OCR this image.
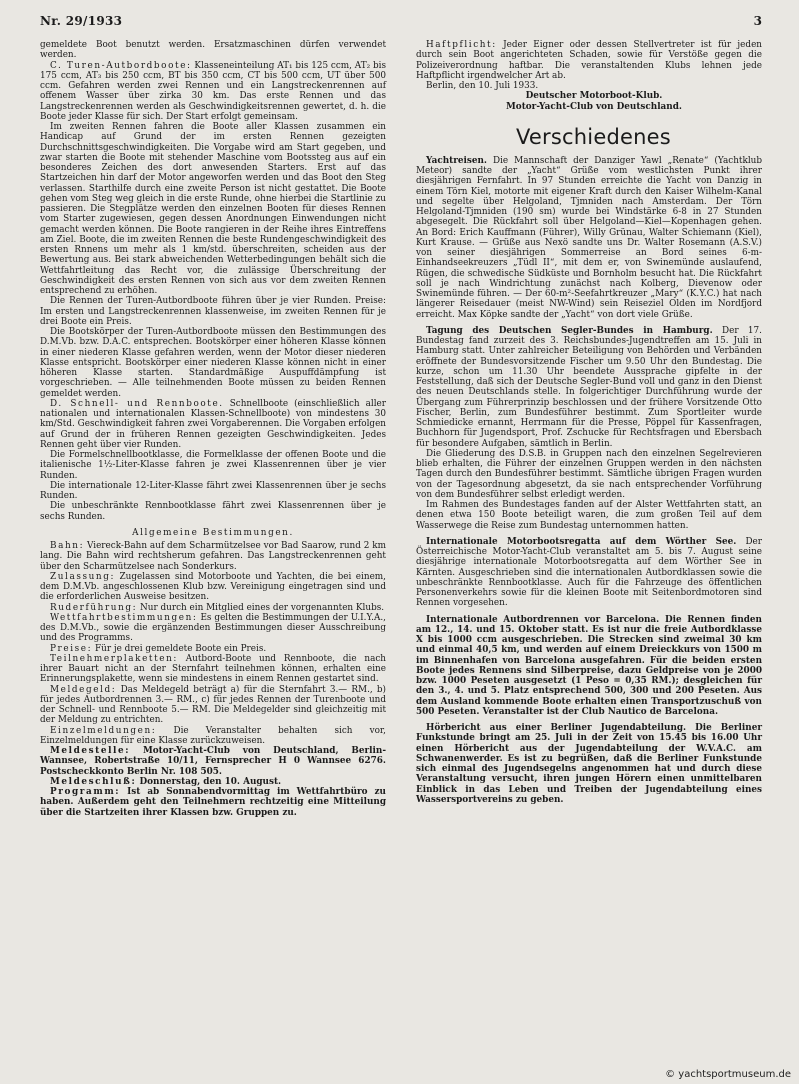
Nr. 29/1933	3

gemeldete Boot benutzt werden. Ersatzmaschinen dürfen verwendet werden.

C. Turen-Autbordboote: Klasseneinteilung AT₁ bis 125 ccm, AT₂ bis 175 ccm, AT₃ bis 250 ccm, BT bis 350 ccm, CT bis 500 ccm, UT über 500 ccm. Gefahren werden zwei Rennen und ein Langstreckenrennen auf offenem Wasser über zirka 30 km. Das erste Rennen und das Langstreckenrennen werden als Geschwindigkeitsrennen gewertet, d. h. die Boote jeder Klasse für sich. Der Start erfolgt gemeinsam.

Im zweiten Rennen fahren die Boote aller Klassen zusammen ein Handicap auf Grund der im ersten Rennen gezeigten Durchschnittsgeschwindigkeiten. Die Vorgabe wird am Start gegeben, und zwar starten die Boote mit stehender Maschine vom Bootssteg aus auf ein besonderes Zeichen des dort anwesenden Starters. Erst auf das Startzeichen hin darf der Motor angeworfen werden und das Boot den Steg verlassen. Starthilfe durch eine zweite Person ist nicht gestattet. Die Boote gehen vom Steg weg gleich in die erste Runde, ohne hierbei die Startlinie zu passieren. Die Stegplätze werden den einzelnen Booten für dieses Rennen vom Starter zugewiesen, gegen dessen Anordnungen Einwendungen nicht gemacht werden können. Die Boote rangieren in der Reihe ihres Eintreffens am Ziel. Boote, die im zweiten Rennen die beste Rundengeschwindigkeit des ersten Rnnens um mehr als 1 km/std. überschreiten, scheiden aus der Bewertung aus. Bei stark abweichenden Wetterbedingungen behält sich die Wettfahrtleitung das Recht vor, die zulässige Überschreitung der Geschwindigkeit des ersten Rennen von sich aus vor dem zweiten Rennen entsprechend zu erhöhen.

Die Rennen der Turen-Autbordboote führen über je vier Runden. Preise: Im ersten und Langstreckenrennen klassenweise, im zweiten Rennen für je drei Boote ein Preis.

Die Bootskörper der Turen-Autbordboote müssen den Bestimmungen des D.M.Vb. bzw. D.A.C. entsprechen. Bootskörper einer höheren Klasse können in einer niederen Klasse gefahren werden, wenn der Motor dieser niederen Klasse entspricht. Bootskörper einer niederen Klasse können nicht in einer höheren Klasse starten. Standardmäßige Auspuffdämpfung ist vorgeschrieben. — Alle teilnehmenden Boote müssen zu beiden Rennen gemeldet werden.

D. Schnell- und Rennboote. Schnellboote (einschließlich aller nationalen und internationalen Klassen-Schnellboote) von mindestens 30 km/Std. Geschwindigkeit fahren zwei Vorgaberennen. Die Vorgaben erfolgen auf Grund der in früheren Rennen gezeigten Geschwindigkeiten. Jedes Rennen geht über vier Runden.

Die Formelschnellbootklasse, die Formelklasse der offenen Boote und die italienische 1½-Liter-Klasse fahren je zwei Klassenrennen über je vier Runden.

Die internationale 12-Liter-Klasse fährt zwei Klassenrennen über je sechs Runden.

Die unbeschränkte Rennbootklasse fährt zwei Klassenrennen über je sechs Runden.

Allgemeine Bestimmungen.

Bahn: Viereck-Bahn auf dem Scharmützelsee vor Bad Saarow, rund 2 km lang. Die Bahn wird rechtsherum gefahren. Das Langstreckenrennen geht über den Scharmützelsee nach Sonderkurs.

Zulassung: Zugelassen sind Motorboote und Yachten, die bei einem, dem D.M.Vb. angeschlossenen Klub bzw. Vereinigung eingetragen sind und die erforderlichen Ausweise besitzen.

Ruderführung: Nur durch ein Mitglied eines der vorgenannten Klubs.

Wettfahrtbestimmungen: Es gelten die Bestimmungen der U.I.Y.A., des D.M.Vb., sowie die ergänzenden Bestimmungen dieser Ausschreibung und des Programms.

Preise: Für je drei gemeldete Boote ein Preis.

Teilnehmerplaketten: Autbord-Boote und Rennboote, die nach ihrer Bauart nicht an der Sternfahrt teilnehmen können, erhalten eine Erinnerungsplakette, wenn sie mindestens in einem Rennen gestartet sind.

Meldegeld: Das Meldegeld beträgt a) für die Sternfahrt 3.— RM., b) für jedes Autbordrennen 3.— RM., c) für jedes Rennen der Turenboote und der Schnell- und Rennboote 5.— RM. Die Meldegelder sind gleichzeitig mit der Meldung zu entrichten.

Einzelmeldungen: Die Veranstalter behalten sich vor, Einzelmeldungen für eine Klasse zurückzuweisen.

Meldestelle: Motor-Yacht-Club von Deutschland, Berlin-Wannsee, Robertstraße 10/11, Fernsprecher H 0 Wannsee 6276. Postscheckkonto Berlin Nr. 108 505.

Meldeschluß: Donnerstag, den 10. August.

Programm: Ist ab Sonnabendvormittag im Wettfahrtbüro zu haben. Außerdem geht den Teilnehmern rechtzeitig eine Mitteilung über die Startzeiten ihrer Klassen bzw. Gruppen zu.

Haftpflicht: Jeder Eigner oder dessen Stellvertreter ist für jeden durch sein Boot angerichteten Schaden, sowie für Verstöße gegen die Polizeiverordnung haftbar. Die veranstaltenden Klubs lehnen jede Haftpflicht irgendwelcher Art ab.

Berlin, den 10. Juli 1933.

Deutscher Motorboot-Klub.

Motor-Yacht-Club von Deutschland.

Verschiedenes

Yachtreisen. Die Mannschaft der Danziger Yawl „Renate“ (Yachtklub Meteor) sandte der „Yacht“ Grüße vom westlichsten Punkt ihrer diesjährigen Fernfahrt. In 97 Stunden erreichte die Yacht von Danzig in einem Törn Kiel, motorte mit eigener Kraft durch den Kaiser Wilhelm-Kanal und segelte über Helgoland, Tjmniden nach Amsterdam. Der Törn Helgoland-Tjmniden (190 sm) wurde bei Windstärke 6-8 in 27 Stunden abgesegelt. Die Rückfahrt soll über Helgoland—Kiel—Kopenhagen gehen. An Bord: Erich Kauffmann (Führer), Willy Grünau, Walter Schiemann (Kiel), Kurt Krause. — Grüße aus Nexö sandte uns Dr. Walter Rosemann (A.S.V.) von seiner diesjährigen Sommerreise an Bord seines 6-m-Einhandseekreuzers „Tüdl II“, mit dem er, von Swinemünde auslaufend, Rügen, die schwedische Südküste und Bornholm besucht hat. Die Rückfahrt soll je nach Windrichtung zunächst nach Kolberg, Dievenow oder Swinemünde führen. — Der 60-m²-Seefahrtkreuzer „Mary“ (K.Y.C.) hat nach längerer Reisedauer (meist NW-Wind) sein Reiseziel Olden im Nordfjord erreicht. Max Köpke sandte der „Yacht“ von dort viele Grüße.

Tagung des Deutschen Segler-Bundes in Hamburg. Der 17. Bundestag fand zurzeit des 3. Reichsbundes-Jugendtreffen am 15. Juli in Hamburg statt. Unter zahlreicher Beteiligung von Behörden und Verbänden eröffnete der Bundesvorsitzende Fischer um 9.50 Uhr den Bundestag. Die kurze, schon um 11.30 Uhr beendete Aussprache gipfelte in der Feststellung, daß sich der Deutsche Segler-Bund voll und ganz in den Dienst des neuen Deutschlands stelle. In folgerichtiger Durchführung wurde der Übergang zum Führerprinzip beschlossen und der frühere Vorsitzende Otto Fischer, Berlin, zum Bundesführer bestimmt. Zum Sportleiter wurde Schmiedicke ernannt, Herrmann für die Presse, Pöppel für Kassenfragen, Buchhorn für Jugendsport, Prof. Zschucke für Rechtsfragen und Ebersbach für besondere Aufgaben, sämtlich in Berlin.

Die Gliederung des D.S.B. in Gruppen nach den einzelnen Segelrevieren blieb erhalten, die Führer der einzelnen Gruppen werden in den nächsten Tagen durch den Bundesführer bestimmt. Sämtliche übrigen Fragen wurden von der Tagesordnung abgesetzt, da sie nach entsprechender Vorführung von dem Bundesführer selbst erledigt werden.

Im Rahmen des Bundestages fanden auf der Alster Wettfahrten statt, an denen etwa 150 Boote beteiligt waren, die zum großen Teil auf dem Wasserwege die Reise zum Bundestag unternommen hatten.

Internationale Motorbootsregatta auf dem Wörther See. Der Österreichische Motor-Yacht-Club veranstaltet am 5. bis 7. August seine diesjährige internationale Motorbootsregatta auf dem Wörther See in Kärnten. Ausgeschrieben sind die internationalen Autbordklassen sowie die unbeschränkte Rennbootklasse. Auch für die Fahrzeuge des öffentlichen Personenverkehrs sowie für die kleinen Boote mit Seitenbordmotoren sind Rennen vorgesehen.

Internationale Autbordrennen vor Barcelona. Die Rennen finden am 12., 14. und 15. Oktober statt. Es ist nur die freie Autbordklasse X bis 1000 ccm ausgeschrieben. Die Strecken sind zweimal 30 km und einmal 40,5 km, und werden auf einem Dreieckkurs von 1500 m im Binnenhafen von Barcelona ausgefahren. Für die beiden ersten Boote jedes Rennens sind Silberpreise, dazu Geldpreise von je 2000 bzw. 1000 Peseten ausgesetzt (1 Peso = 0,35 RM.); desgleichen für den 3., 4. und 5. Platz entsprechend 500, 300 und 200 Peseten. Aus dem Ausland kommende Boote erhalten einen Transportzuschuß von 500 Peseten. Veranstalter ist der Club Nautico de Barcelona.

Hörbericht aus einer Berliner Jugendabteilung. Die Berliner Funkstunde bringt am 25. Juli in der Zeit von 15.45 bis 16.00 Uhr einen Hörbericht aus der Jugendabteilung der W.V.A.C. am Schwanenwerder. Es ist zu begrüßen, daß die Berliner Funkstunde sich einmal des Jugendsegelns angenommen hat und durch diese Veranstaltung versucht, ihren jungen Hörern einen unmittelbaren Einblick in das Leben und Treiben der Jugendabteilung eines Wassersportvereins zu geben.

© yachtsportmuseum.de
